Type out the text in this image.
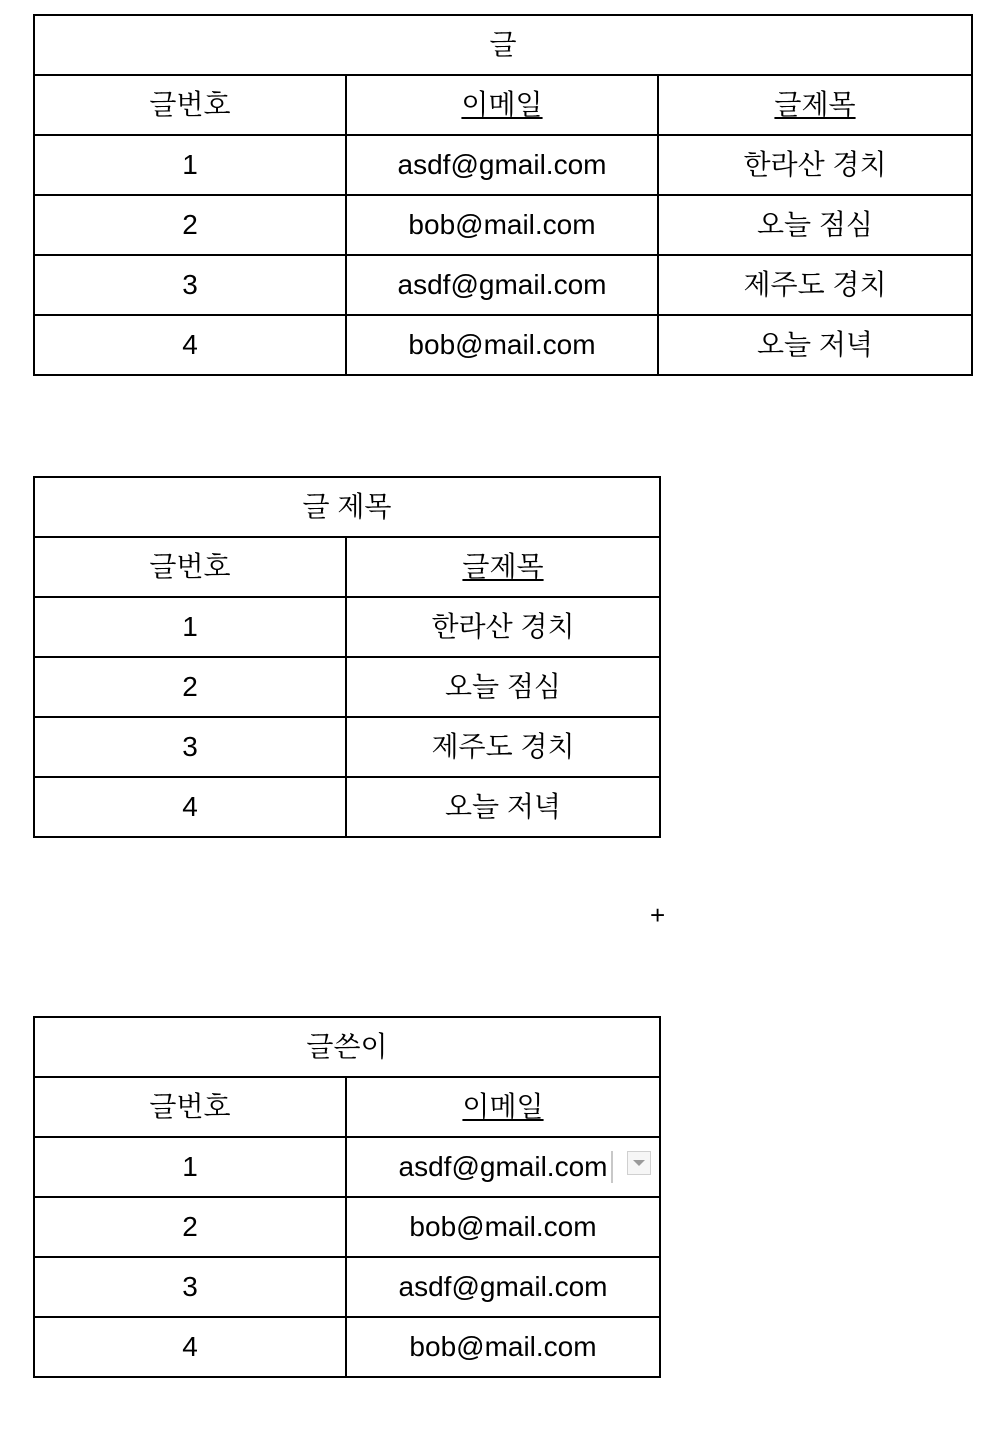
글		
글번호	이메일	글제목
1	asdf@gmail.com	한라산 경치
2	bob@mail.com	오늘 점심
3	asdf@gmail.com	제주도 경치
4	bob@mail.com	오늘 저녁
글 제목	
글번호	글제목
1	한라산 경치
2	오늘 점심
3	제주도 경치
4	오늘 저녁
+
글쓴이	
글번호	이메일
1	asdf@gmail.com

2	bob@mail.com
3	asdf@gmail.com
4	bob@mail.com
